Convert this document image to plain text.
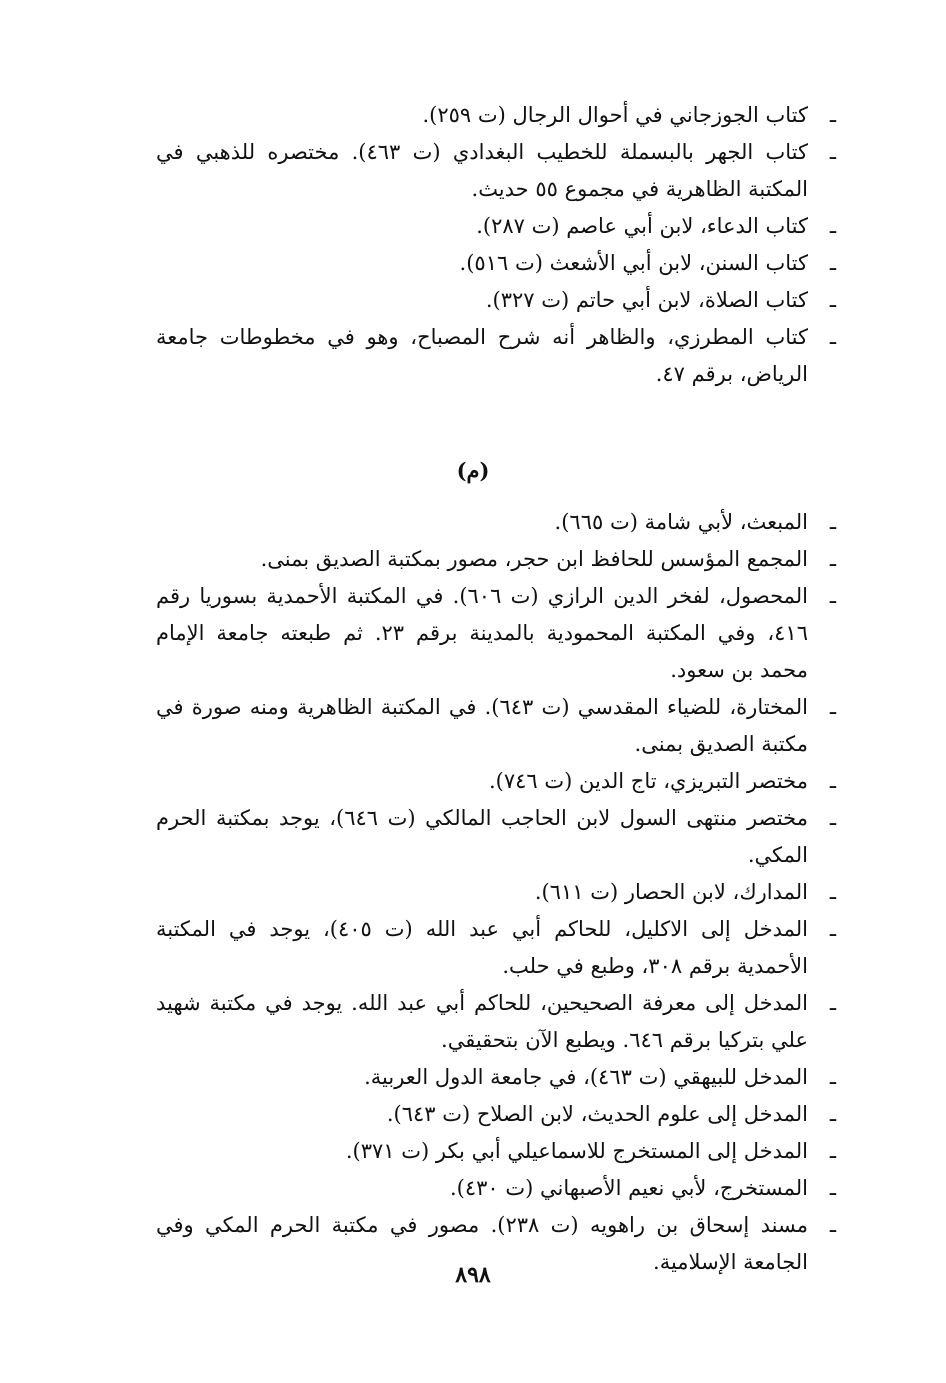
ـ
كتاب الجوزجاني في أحوال الرجال (ت ٢٥٩).
ـ
كتاب الجهر بالبسملة للخطيب البغدادي (ت ٤٦٣). مختصره للذهبي في المكتبة الظاهرية في مجموع ٥٥ حديث.
ـ
كتاب الدعاء، لابن أبي عاصم (ت ٢٨٧).
ـ
كتاب السنن، لابن أبي الأشعث (ت ٥١٦).
ـ
كتاب الصلاة، لابن أبي حاتم (ت ٣٢٧).
ـ
كتاب المطرزي، والظاهر أنه شرح المصباح، وهو في مخطوطات جامعة الرياض، برقم ٤٧.
(م)
ـ
المبعث، لأبي شامة (ت ٦٦٥).
ـ
المجمع المؤسس للحافظ ابن حجر، مصور بمكتبة الصديق بمنى.
ـ
المحصول، لفخر الدين الرازي (ت ٦٠٦). في المكتبة الأحمدية بسوريا رقم ٤١٦، وفي المكتبة المحمودية بالمدينة برقم ٢٣. ثم طبعته جامعة الإمام محمد بن سعود.
ـ
المختارة، للضياء المقدسي (ت ٦٤٣). في المكتبة الظاهرية ومنه صورة في مكتبة الصديق بمنى.
ـ
مختصر التبريزي، تاج الدين (ت ٧٤٦).
ـ
مختصر منتهى السول لابن الحاجب المالكي (ت ٦٤٦)، يوجد بمكتبة الحرم المكي.
ـ
المدارك، لابن الحصار (ت ٦١١).
ـ
المدخل إلى الاكليل، للحاكم أبي عبد الله (ت ٤٠٥)، يوجد في المكتبة الأحمدية برقم ٣٠٨، وطبع في حلب.
ـ
المدخل إلى معرفة الصحيحين، للحاكم أبي عبد الله. يوجد في مكتبة شهيد علي بتركيا برقم ٦٤٦. ويطبع الآن بتحقيقي.
ـ
المدخل للبيهقي (ت ٤٦٣)، في جامعة الدول العربية.
ـ
المدخل إلى علوم الحديث، لابن الصلاح (ت ٦٤٣).
ـ
المدخل إلى المستخرج للاسماعيلي أبي بكر (ت ٣٧١).
ـ
المستخرج، لأبي نعيم الأصبهاني (ت ٤٣٠).
ـ
مسند إسحاق بن راهويه (ت ٢٣٨). مصور في مكتبة الحرم المكي وفي الجامعة الإسلامية.
٨٩٨
